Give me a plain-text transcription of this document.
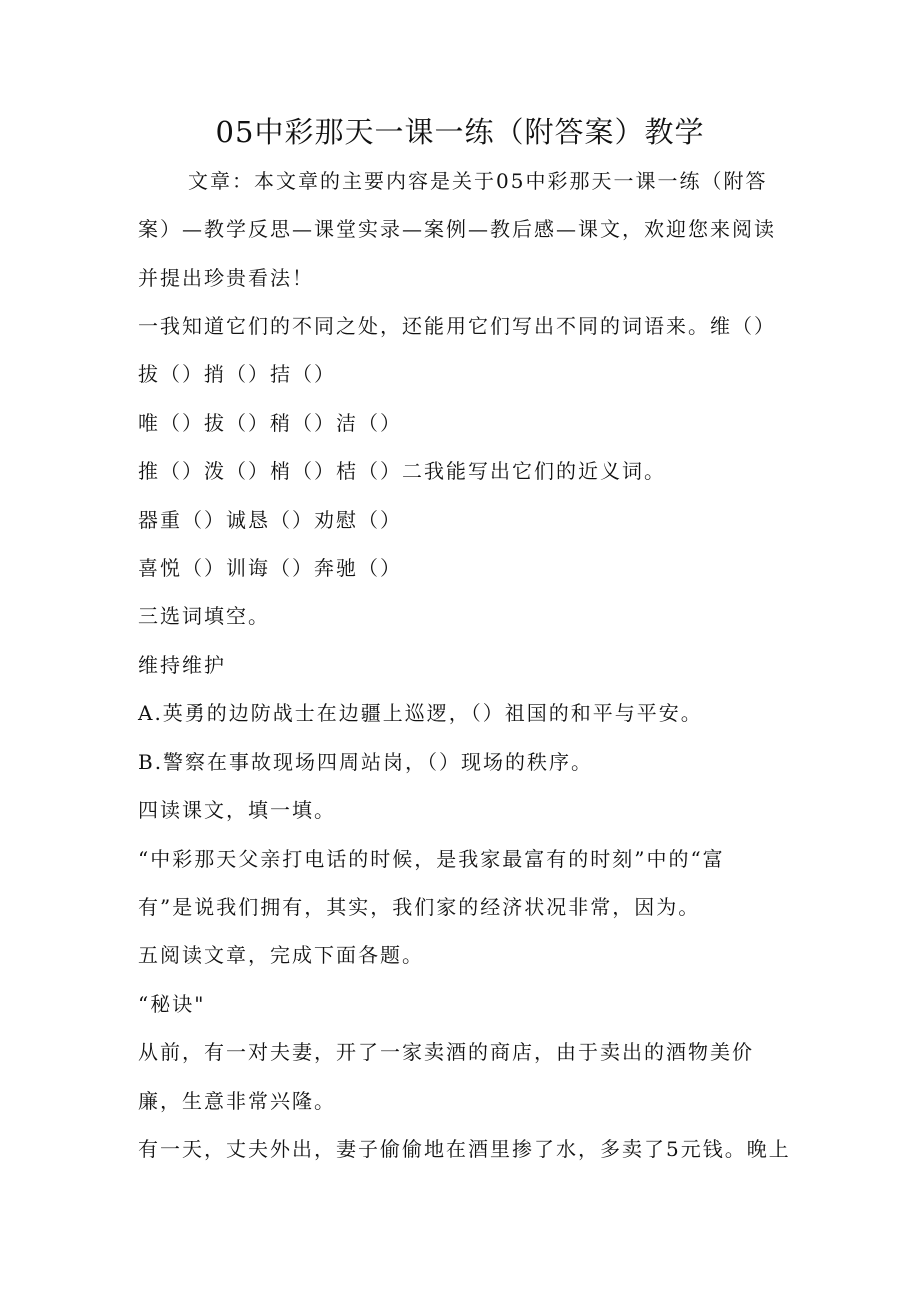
05中彩那天一课一练（附答案）教学
文章：本文章的主要内容是关于05中彩那天一课一练（附答
案）—教学反思—课堂实录—案例—教后感—课文，欢迎您来阅读
并提出珍贵看法！
一我知道它们的不同之处，还能用它们写出不同的词语来。维（）
拔（）捎（）拮（）
唯（）拔（）稍（）洁（）
推（）泼（）梢（）桔（）二我能写出它们的近义词。
器重（）诚恳（）劝慰（）
喜悦（）训诲（）奔驰（）
三选词填空。
维持维护
A.英勇的边防战士在边疆上巡逻，（）祖国的和平与平安。
B.警察在事故现场四周站岗，（）现场的秩序。
四读课文，填一填。
“中彩那天父亲打电话的时候，是我家最富有的时刻”中的“富
有”是说我们拥有，其实，我们家的经济状况非常，因为。
五阅读文章，完成下面各题。
“秘诀"
从前，有一对夫妻，开了一家卖酒的商店，由于卖出的酒物美价
廉，生意非常兴隆。
有一天，丈夫外出，妻子偷偷地在酒里掺了水，多卖了5元钱。晚上
